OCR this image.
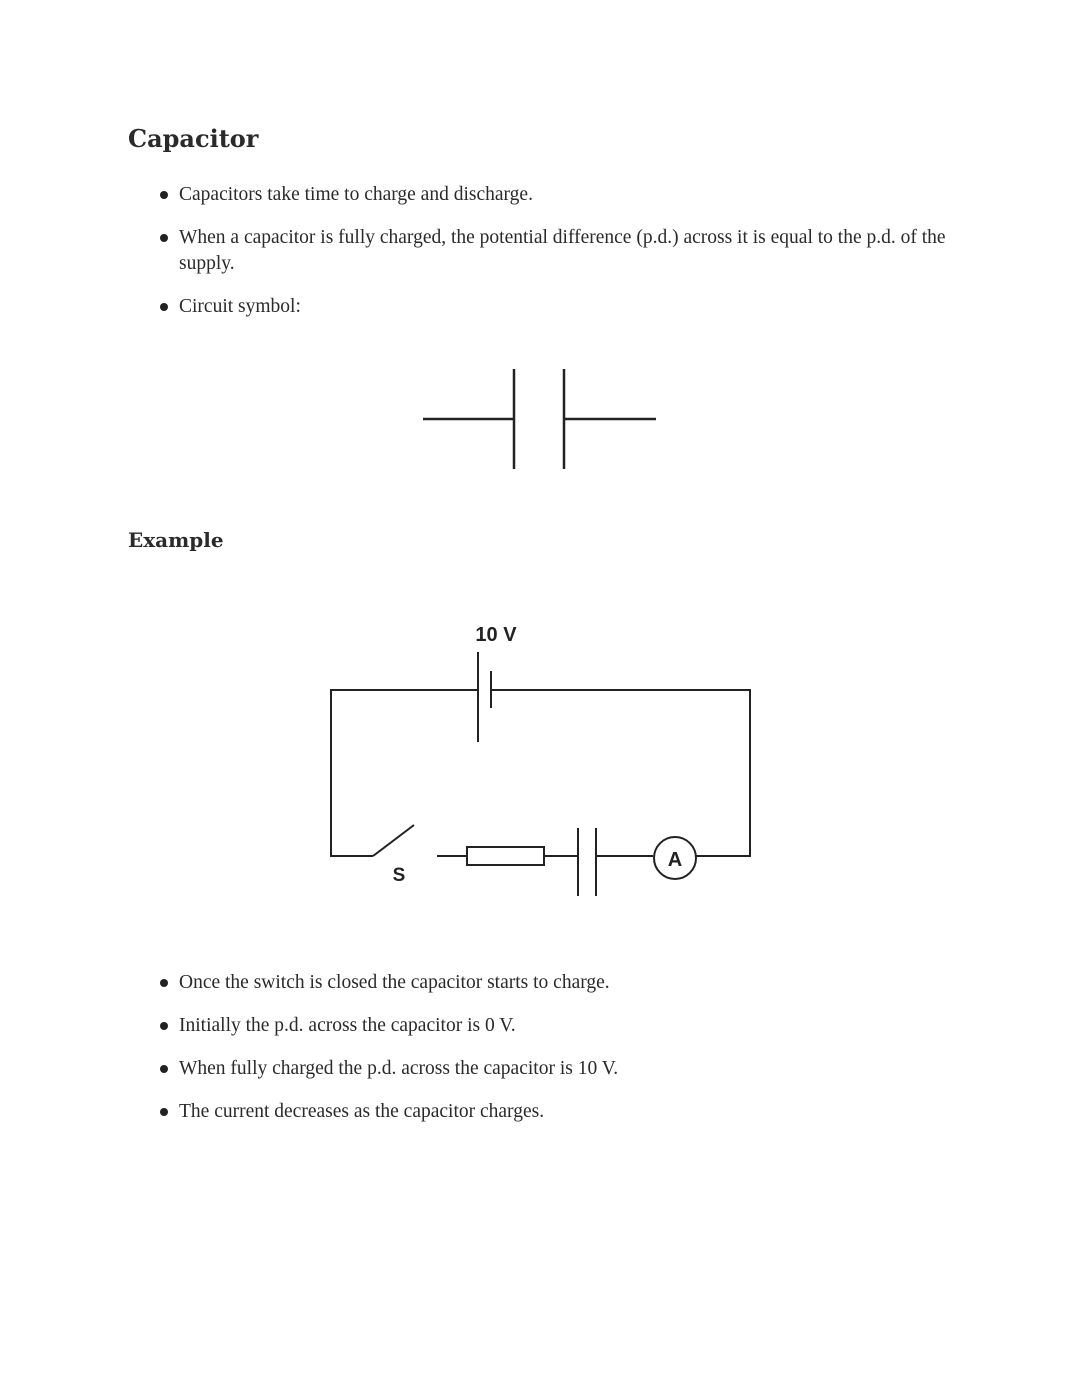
Capacitor
Capacitors take time to charge and discharge.
When a capacitor is fully charged, the potential difference (p.d.) across it is equal to the p.d. of the supply.
Circuit symbol:
10 V
S
A
Example
Once the switch is closed the capacitor starts to charge.
Initially the p.d. across the capacitor is 0 V.
When fully charged the p.d. across the capacitor is 10 V.
The current decreases as the capacitor charges.
